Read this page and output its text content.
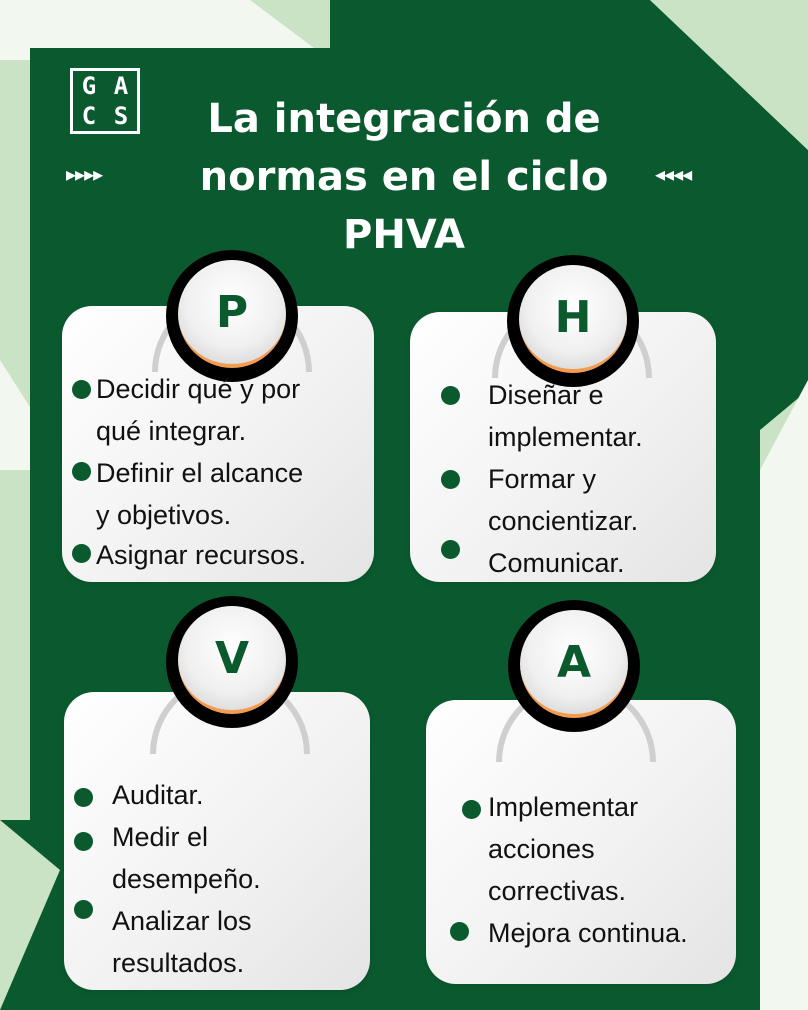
G A
C S	La integración de
normas en el ciclo
PHVA
▸▸▸▸	◂◂◂◂
P
Decidir qué y por
qué integrar.
Definir el alcance
y objetivos.
Asignar recursos.
H
Diseñar e
implementar.
Formar y
concientizar.
Comunicar.
V
Auditar.
Medir el
desempeño.
Analizar los
resultados.
A
Implementar
acciones
correctivas.
Mejora continua.
